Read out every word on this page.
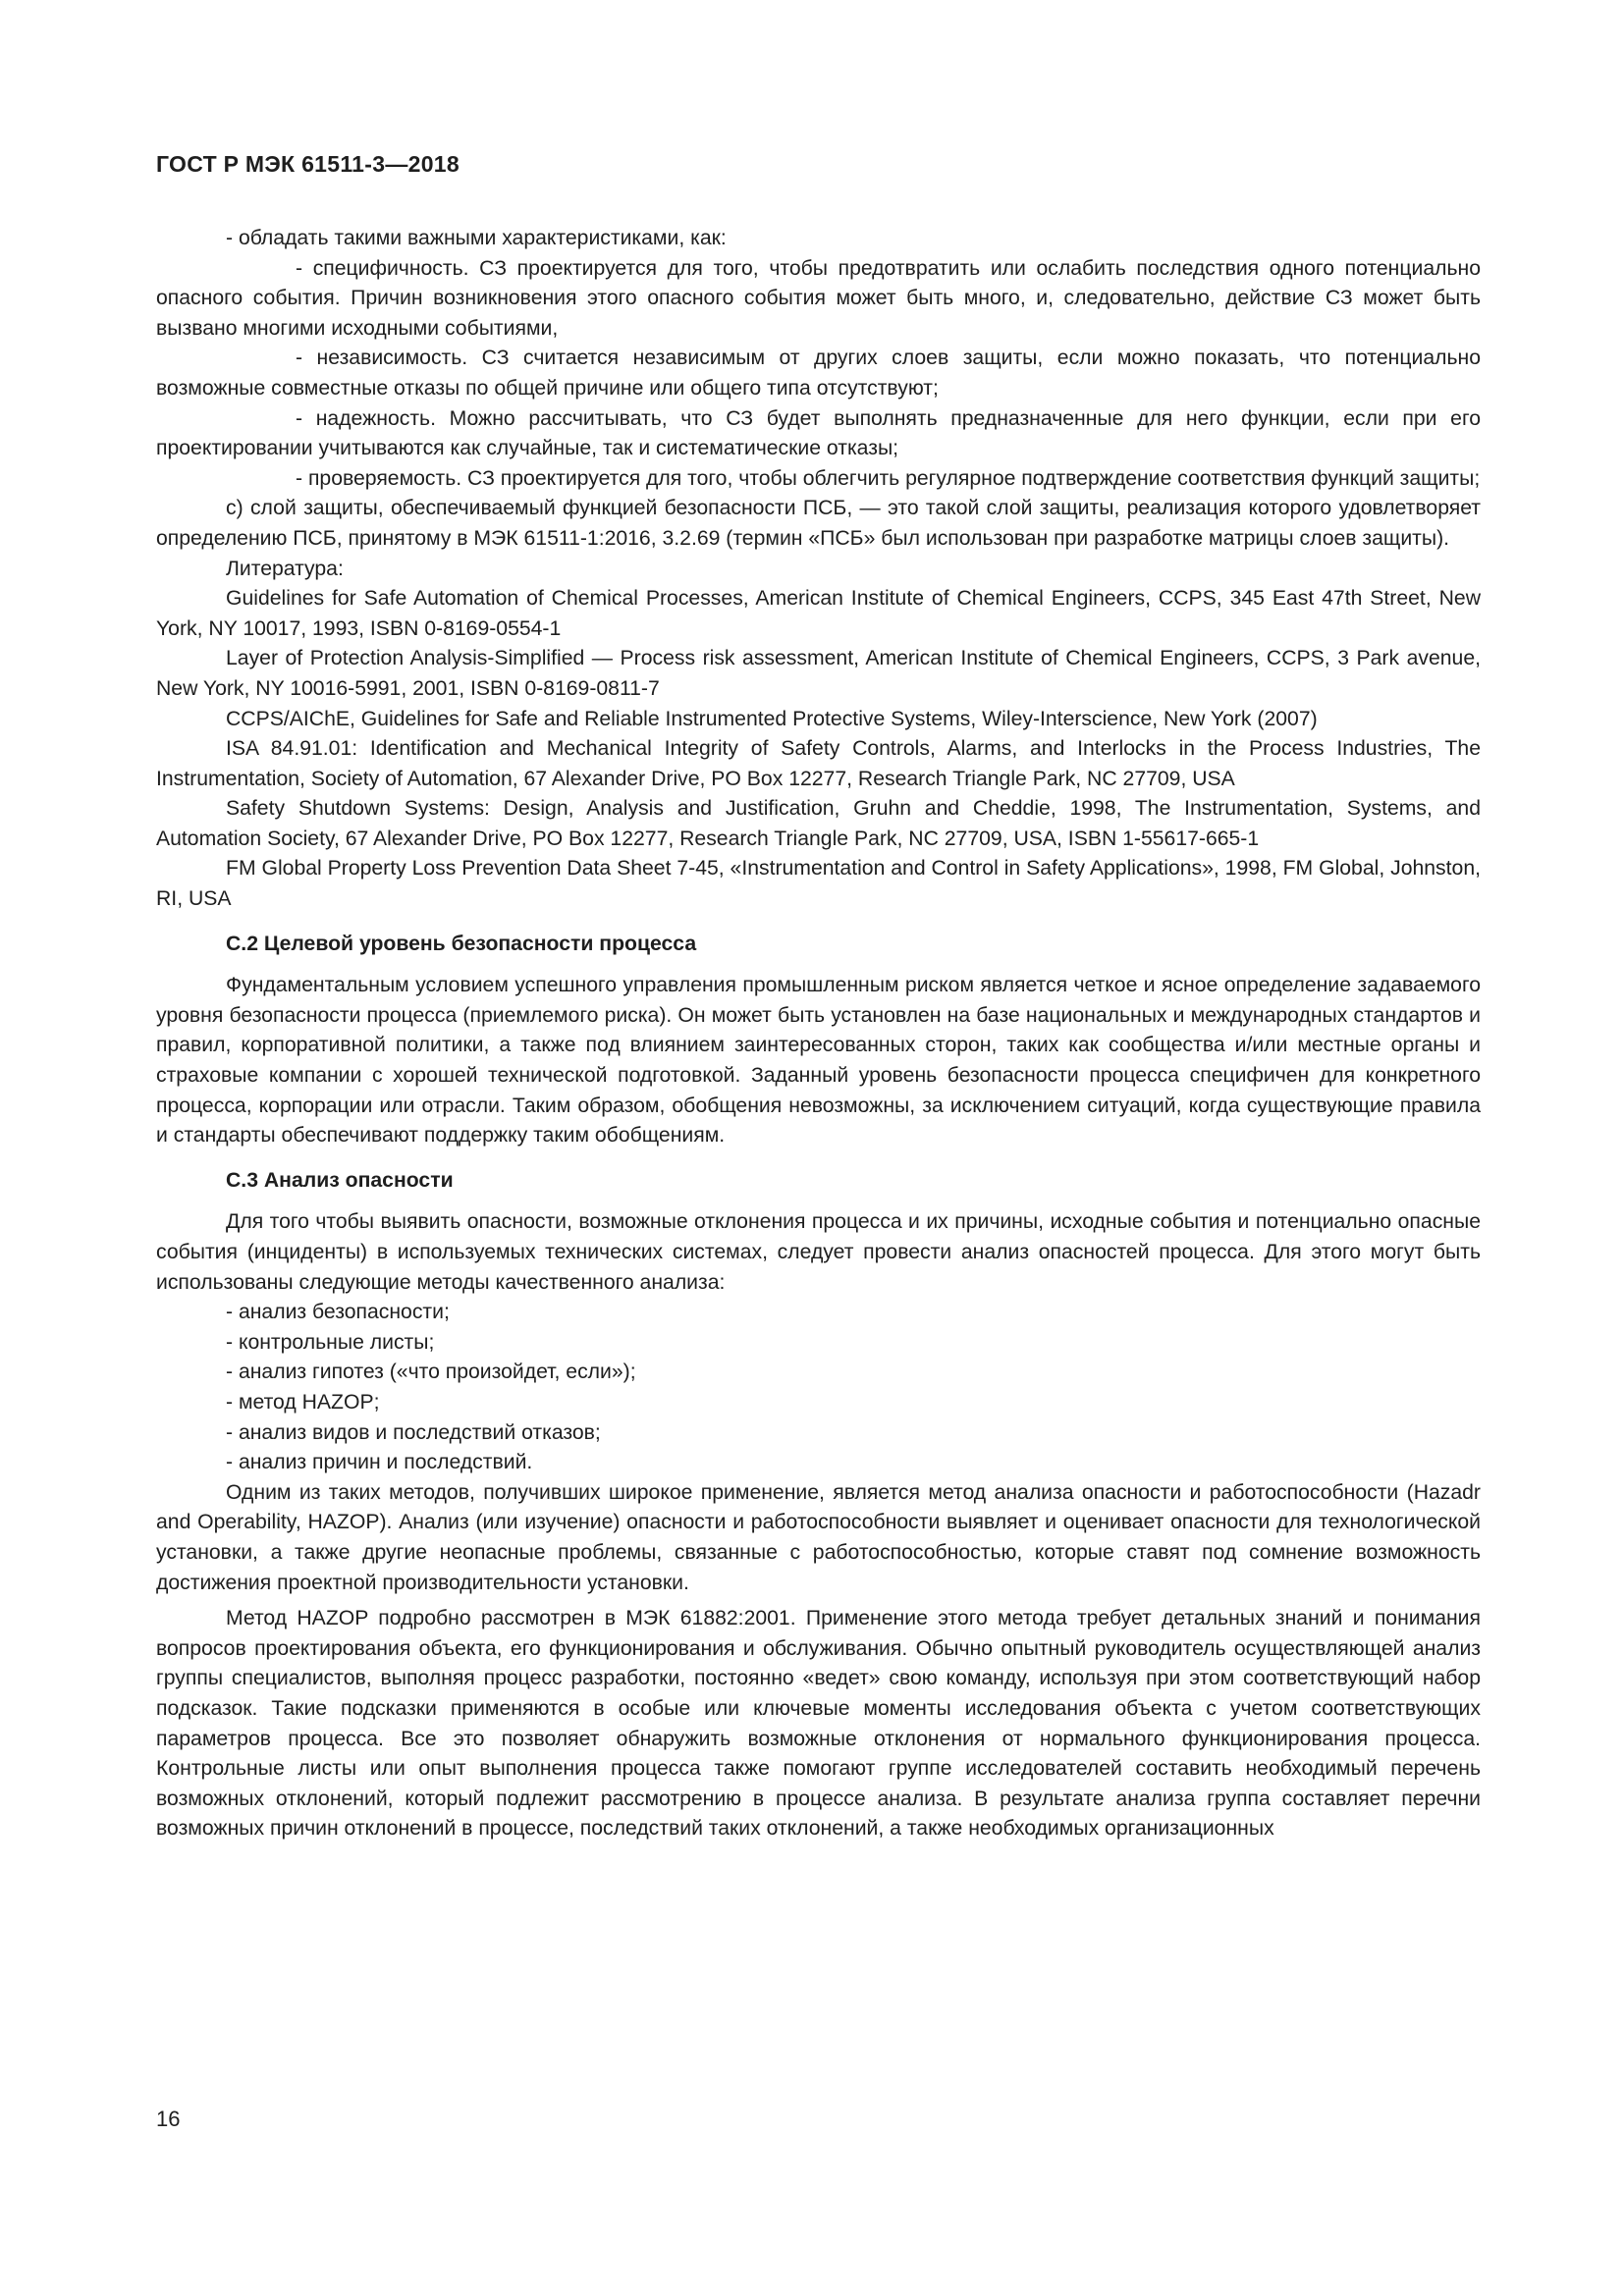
ГОСТ Р МЭК 61511-3—2018

- обладать такими важными характеристиками, как:

- специфичность. СЗ проектируется для того, чтобы предотвратить или ослабить последствия одного потенциально опасного события. Причин возникновения этого опасного события может быть много, и, следовательно, действие СЗ может быть вызвано многими исходными событиями,

- независимость. СЗ считается независимым от других слоев защиты, если можно показать, что потенциально возможные совместные отказы по общей причине или общего типа отсутствуют;

- надежность. Можно рассчитывать, что СЗ будет выполнять предназначенные для него функции, если при его проектировании учитываются как случайные, так и систематические отказы;

- проверяемость. СЗ проектируется для того, чтобы облегчить регулярное подтверждение соответствия функций защиты;

с) слой защиты, обеспечиваемый функцией безопасности ПСБ, — это такой слой защиты, реализация которого удовлетворяет определению ПСБ, принятому в МЭК 61511-1:2016, 3.2.69 (термин «ПСБ» был использован при разработке матрицы слоев защиты).

Литература:

Guidelines for Safe Automation of Chemical Processes, American Institute of Chemical Engineers, CCPS, 345 East 47th Street, New York, NY 10017, 1993, ISBN 0-8169-0554-1

Layer of Protection Analysis-Simplified — Process risk assessment, American Institute of Chemical Engineers, CCPS, 3 Park avenue, New York, NY 10016-5991, 2001, ISBN 0-8169-0811-7

CCPS/AIChE, Guidelines for Safe and Reliable Instrumented Protective Systems, Wiley-Interscience, New York (2007)

ISA 84.91.01: Identification and Mechanical Integrity of Safety Controls, Alarms, and Interlocks in the Process Industries, The Instrumentation, Society of Automation, 67 Alexander Drive, PO Box 12277, Research Triangle Park, NC 27709, USA

Safety Shutdown Systems: Design, Analysis and Justification, Gruhn and Cheddie, 1998, The Instrumentation, Systems, and Automation Society, 67 Alexander Drive, PO Box 12277, Research Triangle Park, NC 27709, USA, ISBN 1-55617-665-1

FM Global Property Loss Prevention Data Sheet 7-45, «Instrumentation and Control in Safety Applications», 1998, FM Global, Johnston, RI, USA

С.2 Целевой уровень безопасности процесса

Фундаментальным условием успешного управления промышленным риском является четкое и ясное определение задаваемого уровня безопасности процесса (приемлемого риска). Он может быть установлен на базе национальных и международных стандартов и правил, корпоративной политики, а также под влиянием заинтересованных сторон, таких как сообщества и/или местные органы и страховые компании с хорошей технической подготовкой. Заданный уровень безопасности процесса специфичен для конкретного процесса, корпорации или отрасли. Таким образом, обобщения невозможны, за исключением ситуаций, когда существующие правила и стандарты обеспечивают поддержку таким обобщениям.

С.3 Анализ опасности

Для того чтобы выявить опасности, возможные отклонения процесса и их причины, исходные события и потенциально опасные события (инциденты) в используемых технических системах, следует провести анализ опасностей процесса. Для этого могут быть использованы следующие методы качественного анализа:

- анализ безопасности;

- контрольные листы;

- анализ гипотез («что произойдет, если»);

- метод HAZOP;

- анализ видов и последствий отказов;

- анализ причин и последствий.

Одним из таких методов, получивших широкое применение, является метод анализа опасности и работоспособности (Hazadr and Operability, HAZOP). Анализ (или изучение) опасности и работоспособности выявляет и оценивает опасности для технологической установки, а также другие неопасные проблемы, связанные с работоспособностью, которые ставят под сомнение возможность достижения проектной производительности установки.

Метод HAZOP подробно рассмотрен в МЭК 61882:2001. Применение этого метода требует детальных знаний и понимания вопросов проектирования объекта, его функционирования и обслуживания. Обычно опытный руководитель осуществляющей анализ группы специалистов, выполняя процесс разработки, постоянно «ведет» свою команду, используя при этом соответствующий набор подсказок. Такие подсказки применяются в особые или ключевые моменты исследования объекта с учетом соответствующих параметров процесса. Все это позволяет обнаружить возможные отклонения от нормального функционирования процесса. Контрольные листы или опыт выполнения процесса также помогают группе исследователей составить необходимый перечень возможных отклонений, который подлежит рассмотрению в процессе анализа. В результате анализа группа составляет перечни возможных причин отклонений в процессе, последствий таких отклонений, а также необходимых организационных

16
